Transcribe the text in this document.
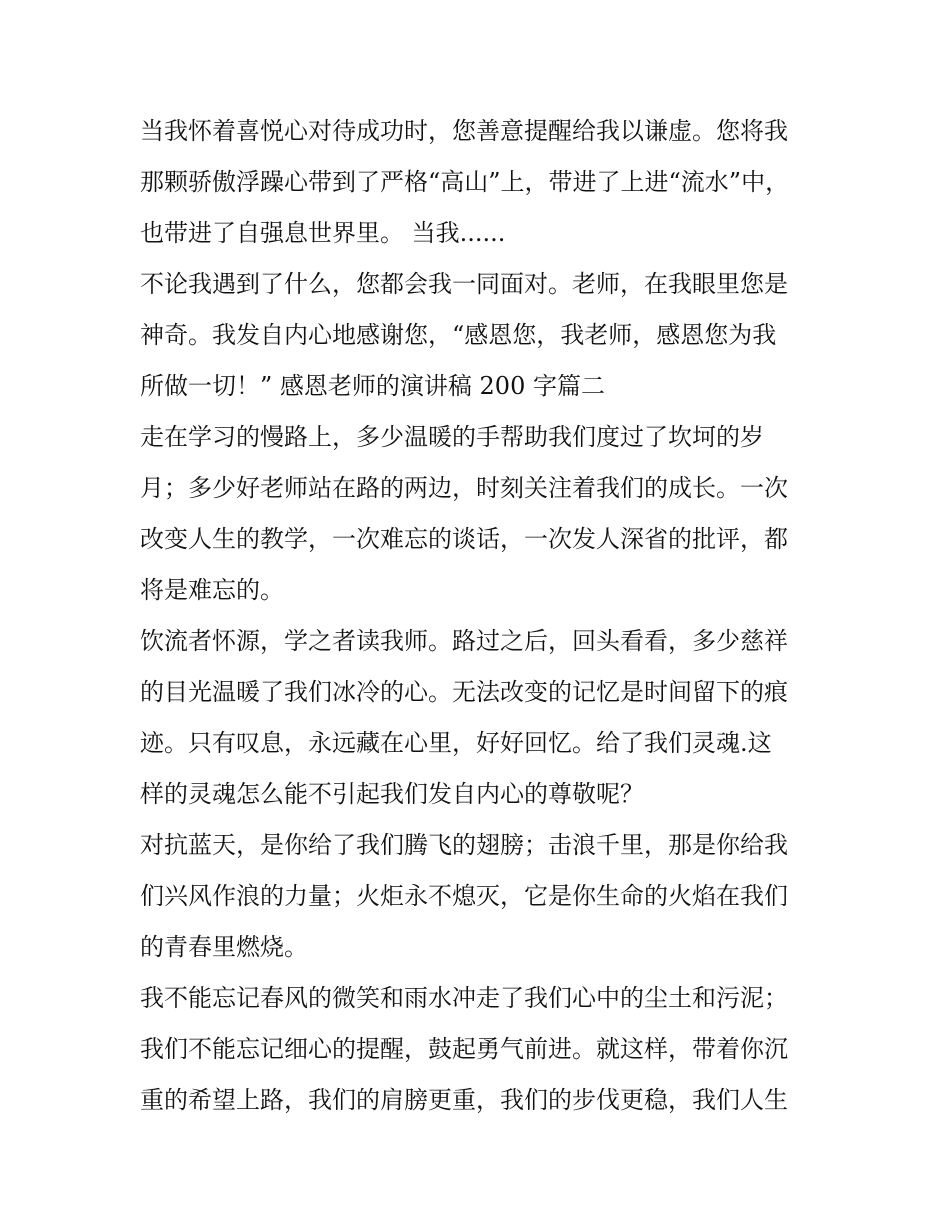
当我怀着喜悦心对待成功时，您善意提醒给我以谦虚。您将我
那颗骄傲浮躁心带到了严格“高山”上，带进了上进“流水”中，
也带进了自强息世界里。 当我......
不论我遇到了什么，您都会我一同面对。老师，在我眼里您是
神奇。我发自内心地感谢您，“感恩您，我老师，感恩您为我
所做一切！” 感恩老师的演讲稿 200 字篇二
走在学习的慢路上，多少温暖的手帮助我们度过了坎坷的岁
月；多少好老师站在路的两边，时刻关注着我们的成长。一次
改变人生的教学，一次难忘的谈话，一次发人深省的批评，都
将是难忘的。
饮流者怀源，学之者读我师。路过之后，回头看看，多少慈祥
的目光温暖了我们冰冷的心。无法改变的记忆是时间留下的痕
迹。只有叹息，永远藏在心里，好好回忆。给了我们灵魂.这
样的灵魂怎么能不引起我们发自内心的尊敬呢？
对抗蓝天，是你给了我们腾飞的翅膀；击浪千里，那是你给我
们兴风作浪的力量；火炬永不熄灭，它是你生命的火焰在我们
的青春里燃烧。
我不能忘记春风的微笑和雨水冲走了我们心中的尘土和污泥；
我们不能忘记细心的提醒，鼓起勇气前进。就这样，带着你沉
重的希望上路，我们的肩膀更重，我们的步伐更稳，我们人生
